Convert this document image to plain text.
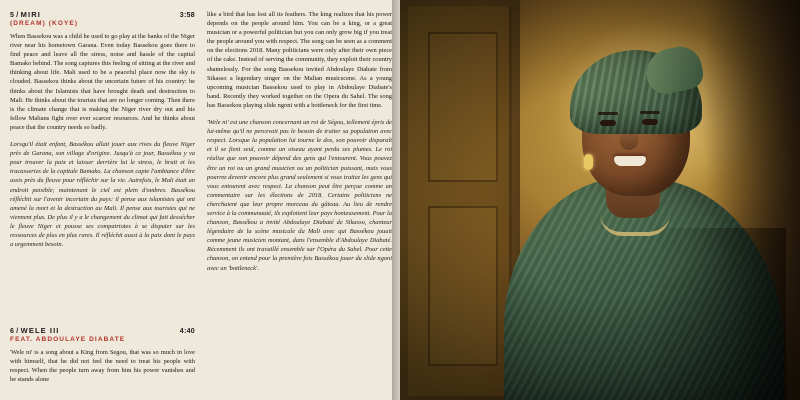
5 / MIRI	3:58
(DREAM) (KOYE)

When Bassekou was a child he used to go play at the banks of the Niger river near his hometown Garana. Even today Bassekou goes there to find peace and leave all the stress, noise and hassle of the capital Bamako behind. The song captures this feeling of sitting at the river and thinking about life. Mali used to be a peaceful place now the sky is clouded. Bassekou thinks about the uncertain future of his country: he thinks about the Islamists that have brought death and destruction to Mali. He thinks about the tourists that are no longer coming. Then there is the climate change that is making the Niger river dry out and his fellow Malians fight over ever scarcer resources. And he thinks about peace that the country needs so badly.

Lorsqu'il était enfant, Bassékou allait jouer aux rives du fleuve Niger près de Garana, son village d'origine. Jusqu'à ce jour, Bassékou y va pour trouver la paix et laisser derrière lui le stress, le bruit et les tracasseries de la capitale Bamako. La chanson capte l'ambiance d'être assis près du fleuve pour réfléchir sur la vie. Autrefois, le Mali était un endroit paisible; maintenant le ciel est plein d'ombres. Bassékou réfléchit sur l'avenir incertain du pays: il pense aux islamistes qui ont amené la mort et la destruction au Mali. Il pense aux touristes qui ne viennent plus. De plus il y a le changement du climat qui fait dessécher le fleuve Niger et pousse ses compatriotes à se disputer sur les ressources de plus en plus rares. Il réfléchit aussi à la paix dont le pays a urgemment besoin.

6 / WELE III	4:40
FEAT. ABDOULAYE DIABATE

'Wele ni' is a song about a King from Segou, that was so much in love with himself, that he did not feel the need to treat his people with respect. When the people turn away from him his power vanishes and he stands alone

like a bird that has lost all its feathers. The king realizes that his power depends on the people around him. You can be a king, or a great musician or a powerful politician but you can only grow big if you treat the people around you with respect. The song can be seen as a comment on the elections 2018. Many politicians were only after their own piece of the cake. Instead of serving the community, they exploit their country shamelessly. For the song Bassekou invited Abdoulaye Diabate from Sikasso a legendary singer on the Malian musicscene. As a young upcoming musician Bassekou used to play in Abdoulaye Diabate's band. Recently they worked together on the Opera du Sahel. The song has Bassekou playing slide ngoni with a bottleneck for the first time.

'Wele ni' est une chanson concernant un roi de Ségou, tellement épris de lui-même qu'il ne percevait pas le besoin de traiter sa population avec respect. Lorsque la population lui tourne le dos, son pouvoir disparaît et il se fient seul, comme un oiseau ayant perdu ses plumes. Le roi réalise que son pouvoir dépend des gens qui l'entourent. Vous pouvez être un roi ou un grand musicien ou un politicien puissant, mais vous pourrez devenir encore plus grand seulement si vous traitez les gens qui vous entourent avec respect. La chanson peut être perçue comme un commentaire sur les élections de 2018. Certains politiciens ne cherchaient que leur propre morceau du gâteau. Au lieu de rendre service à la communauté, ils exploitent leur pays honteusement. Pour la chanson, Bassékou a invité Abdoulaye Diabaté de Sikasso, chanteur légendaire de la scène musicale du Mali avec qui Bassékou jouait comme jeune musicien montant, dans l'ensemble d'Abdoulaye Diabaté. Récemment ils ont travaillé ensemble sur l'Opéra du Sahel. Pour cette chanson, on entend pour la première fois Bassékou jouer du slide ngoni avec un 'bottleneck'.
